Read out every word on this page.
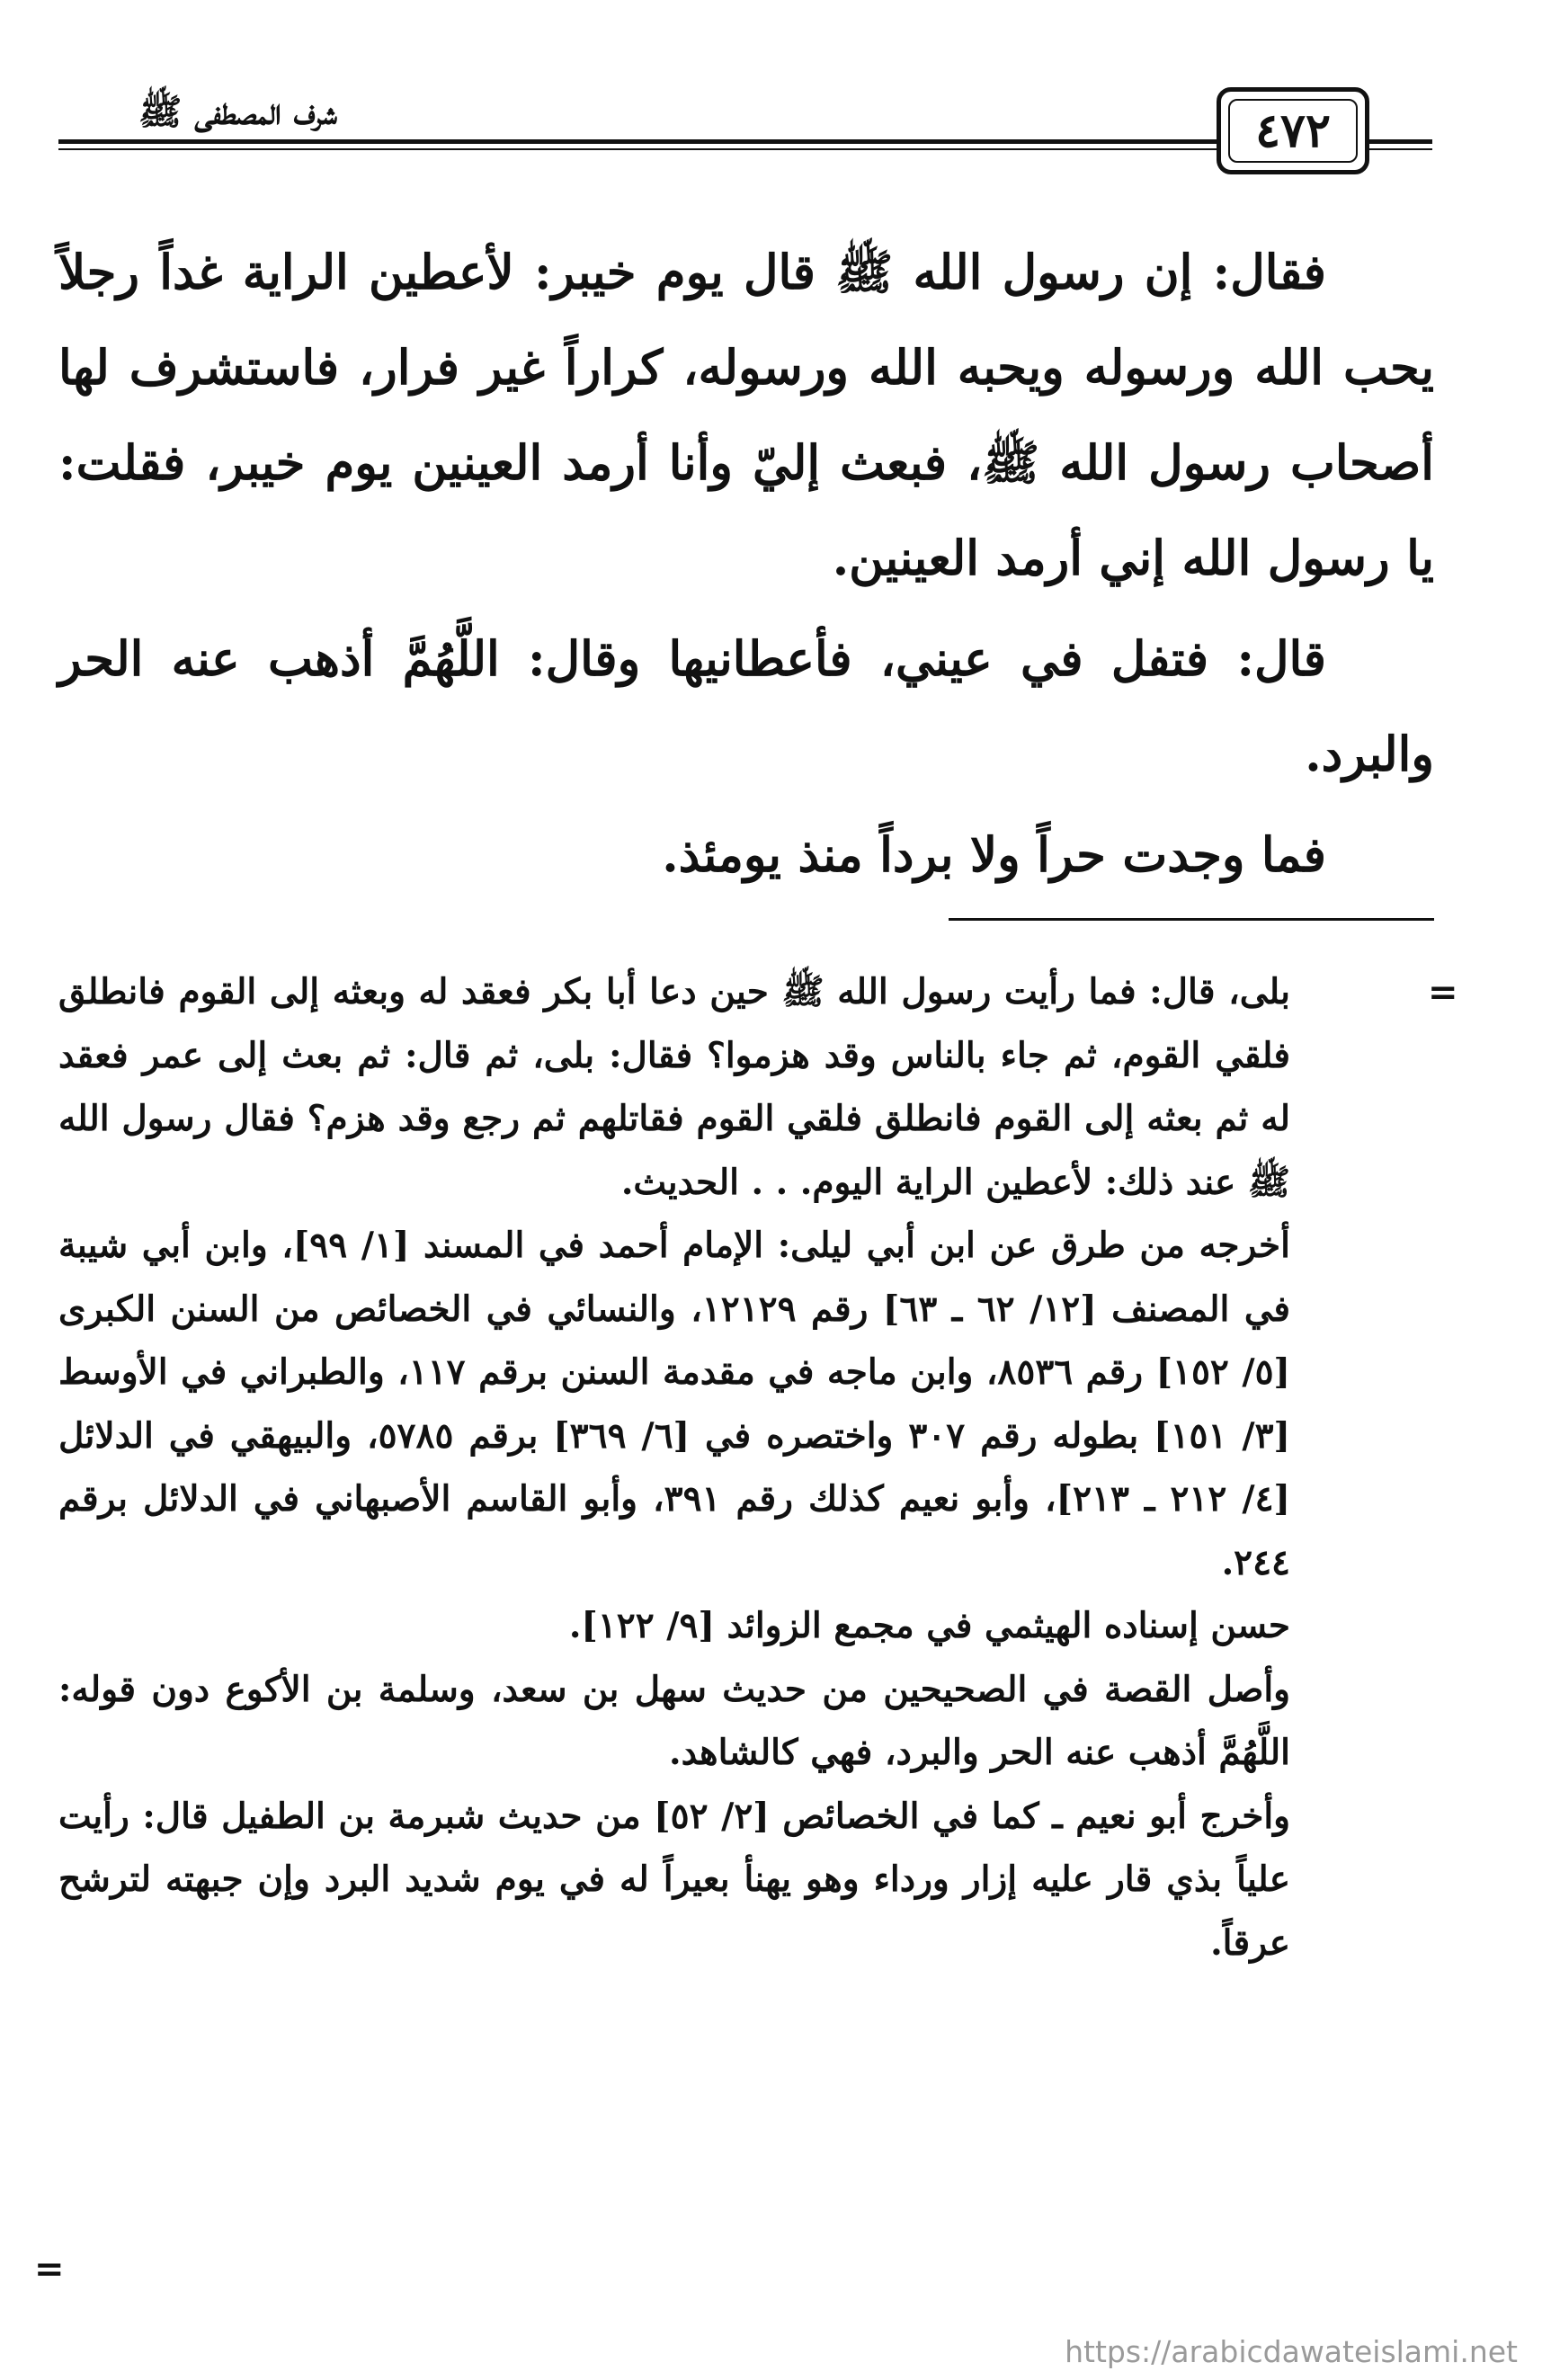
شرف المصطفى ﷺ	٤٧٢

فقال: إن رسول الله ﷺ قال يوم خيبر: لأعطين الراية غداً رجلاً يحب الله ورسوله ويحبه الله ورسوله، كراراً غير فرار، فاستشرف لها أصحاب رسول الله ﷺ، فبعث إليّ وأنا أرمد العينين يوم خيبر، فقلت: يا رسول الله إني أرمد العينين.

قال: فتفل في عيني، فأعطانيها وقال: اللَّهُمَّ أذهب عنه الحر والبرد.

فما وجدت حراً ولا برداً منذ يومئذ.

=

بلى، قال: فما رأيت رسول الله ﷺ حين دعا أبا بكر فعقد له وبعثه إلى القوم فانطلق فلقي القوم، ثم جاء بالناس وقد هزموا؟ فقال: بلى، ثم قال: ثم بعث إلى عمر فعقد له ثم بعثه إلى القوم فانطلق فلقي القوم فقاتلهم ثم رجع وقد هزم؟ فقال رسول الله ﷺ عند ذلك: لأعطين الراية اليوم. . . الحديث.

أخرجه من طرق عن ابن أبي ليلى: الإمام أحمد في المسند [١/ ٩٩]، وابن أبي شيبة في المصنف [١٢/ ٦٢ ـ ٦٣] رقم ١٢١٢٩، والنسائي في الخصائص من السنن الكبرى [٥/ ١٥٢] رقم ٨٥٣٦، وابن ماجه في مقدمة السنن برقم ١١٧، والطبراني في الأوسط [٣/ ١٥١] بطوله رقم ٣٠٧ واختصره في [٦/ ٣٦٩] برقم ٥٧٨٥، والبيهقي في الدلائل [٤/ ٢١٢ ـ ٢١٣]، وأبو نعيم كذلك رقم ٣٩١، وأبو القاسم الأصبهاني في الدلائل برقم ٢٤٤.

حسن إسناده الهيثمي في مجمع الزوائد [٩/ ١٢٢].

وأصل القصة في الصحيحين من حديث سهل بن سعد، وسلمة بن الأكوع دون قوله: اللَّهُمَّ أذهب عنه الحر والبرد، فهي كالشاهد.

وأخرج أبو نعيم ـ كما في الخصائص [٢/ ٥٢] من حديث شبرمة بن الطفيل قال: رأيت علياً بذي قار عليه إزار ورداء وهو يهنأ بعيراً له في يوم شديد البرد وإن جبهته لترشح عرقاً.

=
https://arabicdawateislami.net
